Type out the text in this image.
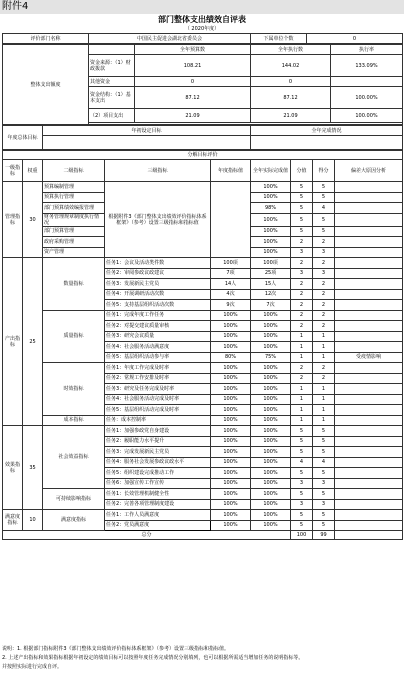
附件4
部门整体支出绩效自评表
（ 2020年度）
评价部门名称	中国民主促进会湖北省委员会	下属单位个数	0
整体支出额度		全年预算数	全年执行数	执行率
	资金来源：（1）财政拨款	108.21	144.02	133.09%
	其他资金	0	0	
	资金结构：（1）基本支出	87.12	87.12	100.00%
	（2）项目支出	21.09	21.09	100.00%

年度总体目标	年初设定目标	全年完成情况

分解目标评价								
一级指标	权重	二级指标	三级指标	年度指标值	全年实际完成值	分值	得分	偏差大原因分析
管理指标	30	预算编制管理	根据附件3《部门整体支出绩效评价指标体系框架》（参考）设置三级指标和指标值		100%	5	5	
		预算执行管理			100%	5	5	
		部门预算绩效编报管理			98%	5	4	
		财务管理规章制度执行情况			100%	5	5	
		部门预算管理			100%	5	5	
		政府采购管理			100%	2	2	
		资产管理			100%	3	3	
产出指标	25	数量指标	任务1：会议及活动类件数	100项	100项	2	2	
			任务2：审阅参政议政建议	7项	25项	3	3	
			任务3：发展新民主党员	14人	15人	2	2	
			任务4：开展调研活动次数	4次	12次	2	2	
			任务5：支持基层组织活动次数	9次	7次	2	2	
		质量指标	任务1：完成年度工作任务	100%	100%	2	2	
			任务2：对提交建议质量审核	100%	100%	2	2	
			任务3：研究会议质量	100%	100%	1	1	
			任务4：社会服务活动满意度	100%	100%	1	1	
			任务5：基层组织活动参与率	80%	75%	1	1	受疫情影响
		时效指标	任务1：年度工作完成及时率	100%	100%	2	2	
			任务2：常规工作安排及时率	100%	100%	2	2	
			任务3：研究及任务完成及时率	100%	100%	1	1	
			任务4：社会服务活动完成及时率	100%	100%	1	1	
			任务5：基层组织活动完成及时率	100%	100%	1	1	
		成本指标	任务：成本控制率	100%	100%	1	1	
效果指标	35	社会效益指标	任务1：加强参政党自身建设	100%	100%	5	5	
			任务2：履职能力水平提升	100%	100%	5	5	
			任务3：完成发展新民主党员	100%	100%	5	5	
			任务4：服务社会发展参政议政水平	100%	100%	4	4	
			任务5：组织建设完成推动工作	100%	100%	5	5	
			任务6：加强宣传工作宣传	100%	100%	3	3	
		可持续影响指标	任务1：长效管理机制健全性	100%	100%	5	5	
			任务2：完善各项管理制度建设	100%	100%	3	3	
满意度指标	10	满意度指标	任务1：工作人员满意度	100%	100%	5	5	
			任务2：党员满意度	100%	100%	5	5	
总分						100	99	
说明：1. 根据部门指标附件3《部门整体支出绩效评价指标体系框架》（参考）设置三级指标和指标值。
2. 上述产出指标和效果指标根据年初设定的绩效目标可以按照年度任务完成情况分别填列，也可以根据所需适当增加任务的说明指标等。
并按照实际进行完成自评。
